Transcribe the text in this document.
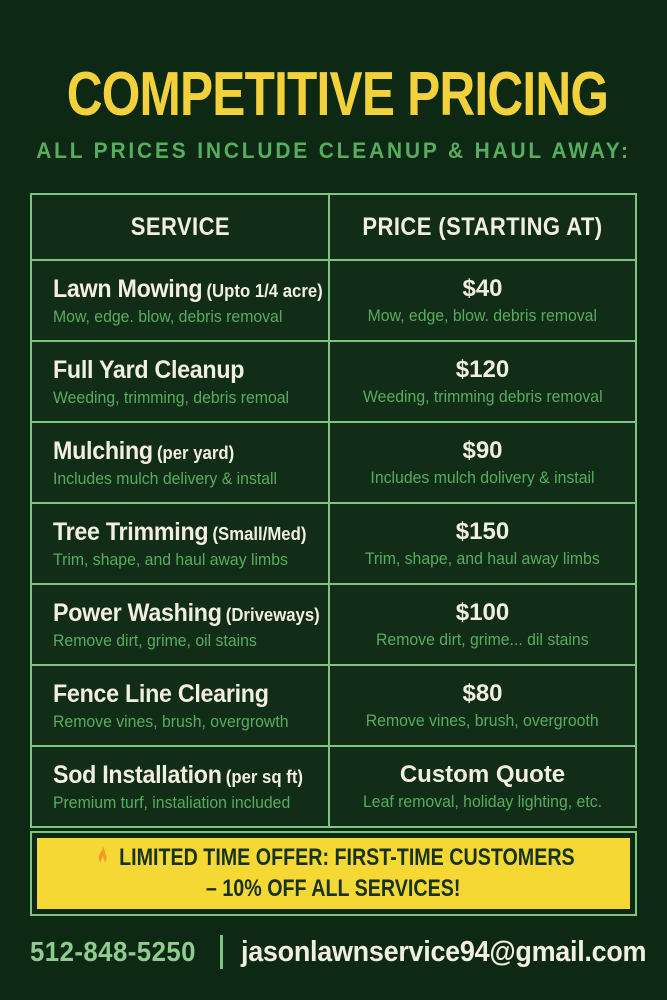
COMPETITIVE PRICING
ALL PRICES INCLUDE CLEANUP & HAUL AWAY:
SERVICE	PRICE (STARTING AT)
Lawn Mowing (Upto 1/4 acre)
Mow, edge. blow, debris removal
$40
Mow, edge, blow. debris removal
Full Yard Cleanup
Weeding, trimming, debris remoal
$120
Weeding, trimming debris removal
Mulching (per yard)
Includes mulch delivery & install
$90
Includes mulch dolivery & instail
Tree Trimming (Small/Med)
Trim, shape, and haul away limbs
$150
Trim, shape, and haul away limbs
Power Washing (Driveways)
Remove dirt, grime, oil stains
$100
Remove dirt, grime... dil stains
Fence Line Clearing
Remove vines, brush, overgrowth
$80
Remove vines, brush, overgrooth
Sod Installation (per sq ft)
Premium turf, instaliation included
Custom Quote
Leaf removal, holiday lighting, etc.
LIMITED TIME OFFER: FIRST-TIME CUSTOMERS
– 10% OFF ALL SERVICES!
512-848-5250 jasonlawnservice94@gmail.com
